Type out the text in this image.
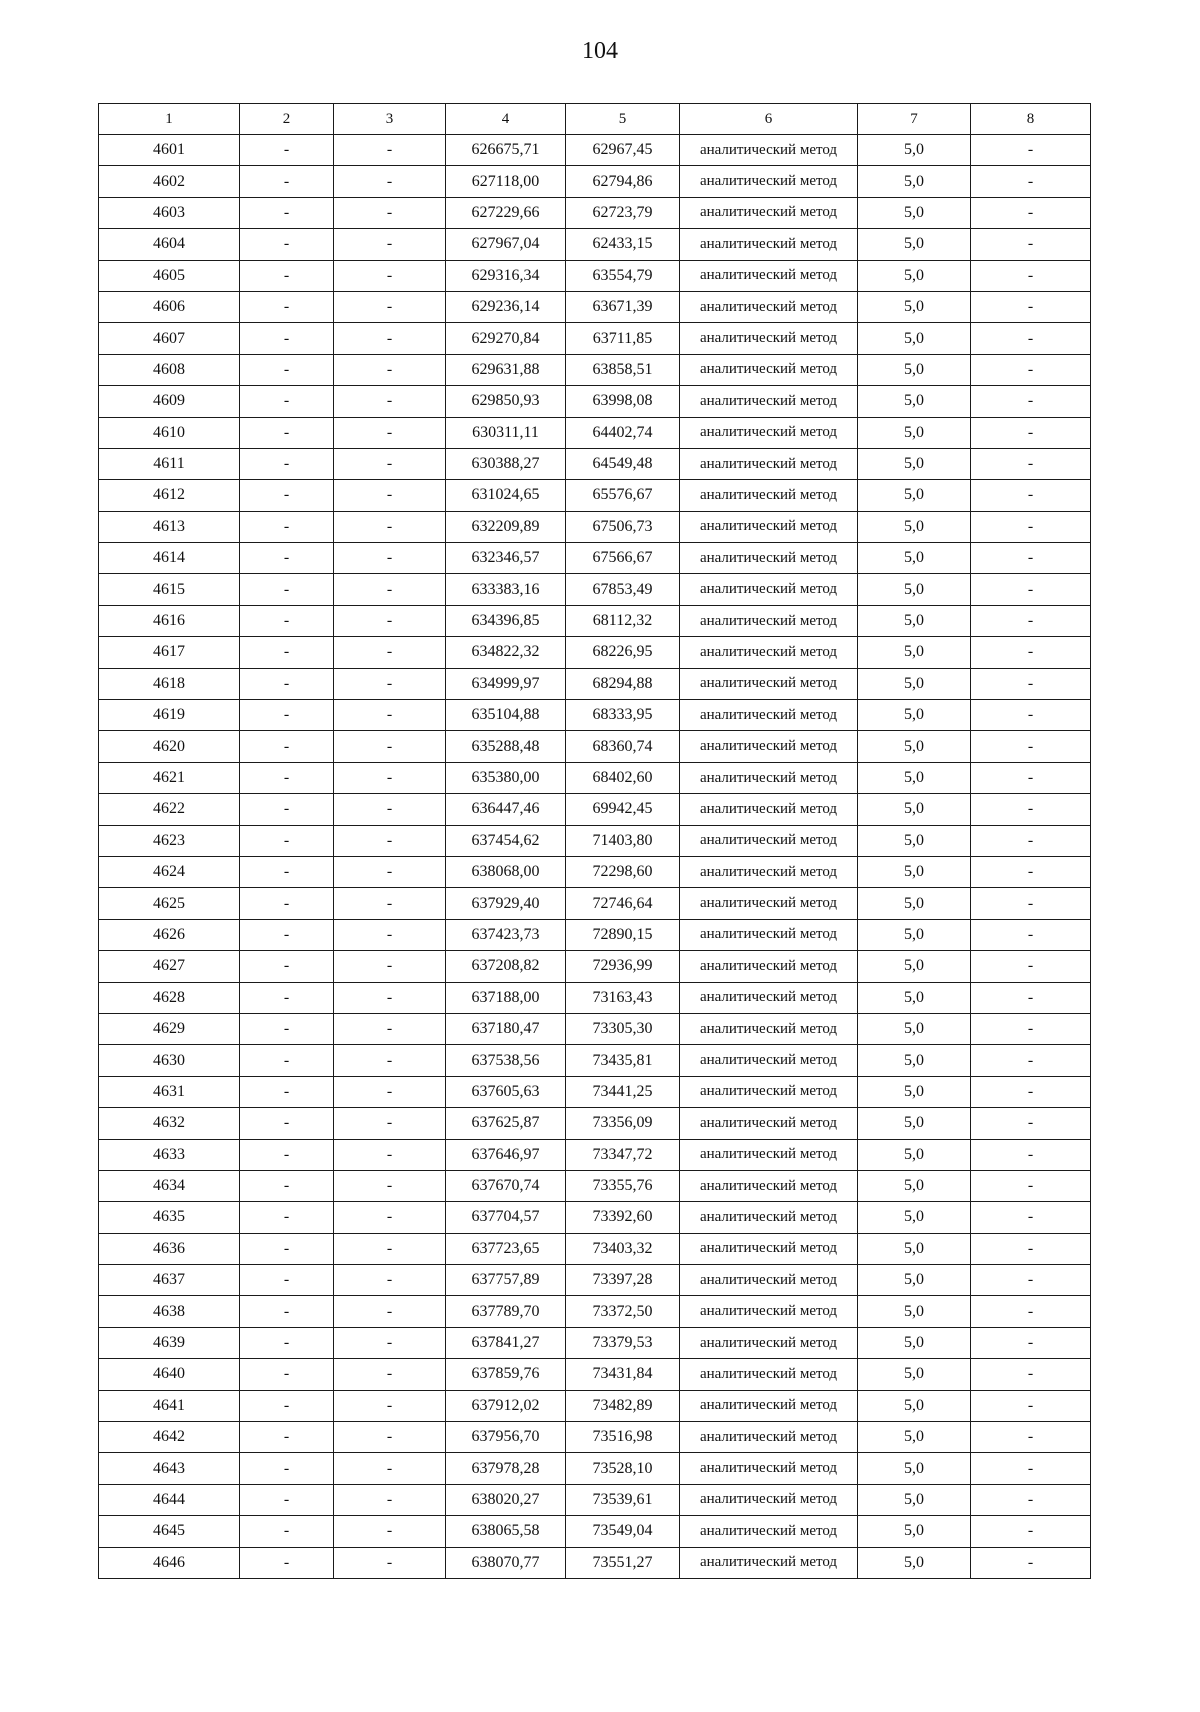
104
1	2	3	4	5	6	7	8
4601	-	-	626675,71	62967,45	аналитический метод	5,0	-
4602	-	-	627118,00	62794,86	аналитический метод	5,0	-
4603	-	-	627229,66	62723,79	аналитический метод	5,0	-
4604	-	-	627967,04	62433,15	аналитический метод	5,0	-
4605	-	-	629316,34	63554,79	аналитический метод	5,0	-
4606	-	-	629236,14	63671,39	аналитический метод	5,0	-
4607	-	-	629270,84	63711,85	аналитический метод	5,0	-
4608	-	-	629631,88	63858,51	аналитический метод	5,0	-
4609	-	-	629850,93	63998,08	аналитический метод	5,0	-
4610	-	-	630311,11	64402,74	аналитический метод	5,0	-
4611	-	-	630388,27	64549,48	аналитический метод	5,0	-
4612	-	-	631024,65	65576,67	аналитический метод	5,0	-
4613	-	-	632209,89	67506,73	аналитический метод	5,0	-
4614	-	-	632346,57	67566,67	аналитический метод	5,0	-
4615	-	-	633383,16	67853,49	аналитический метод	5,0	-
4616	-	-	634396,85	68112,32	аналитический метод	5,0	-
4617	-	-	634822,32	68226,95	аналитический метод	5,0	-
4618	-	-	634999,97	68294,88	аналитический метод	5,0	-
4619	-	-	635104,88	68333,95	аналитический метод	5,0	-
4620	-	-	635288,48	68360,74	аналитический метод	5,0	-
4621	-	-	635380,00	68402,60	аналитический метод	5,0	-
4622	-	-	636447,46	69942,45	аналитический метод	5,0	-
4623	-	-	637454,62	71403,80	аналитический метод	5,0	-
4624	-	-	638068,00	72298,60	аналитический метод	5,0	-
4625	-	-	637929,40	72746,64	аналитический метод	5,0	-
4626	-	-	637423,73	72890,15	аналитический метод	5,0	-
4627	-	-	637208,82	72936,99	аналитический метод	5,0	-
4628	-	-	637188,00	73163,43	аналитический метод	5,0	-
4629	-	-	637180,47	73305,30	аналитический метод	5,0	-
4630	-	-	637538,56	73435,81	аналитический метод	5,0	-
4631	-	-	637605,63	73441,25	аналитический метод	5,0	-
4632	-	-	637625,87	73356,09	аналитический метод	5,0	-
4633	-	-	637646,97	73347,72	аналитический метод	5,0	-
4634	-	-	637670,74	73355,76	аналитический метод	5,0	-
4635	-	-	637704,57	73392,60	аналитический метод	5,0	-
4636	-	-	637723,65	73403,32	аналитический метод	5,0	-
4637	-	-	637757,89	73397,28	аналитический метод	5,0	-
4638	-	-	637789,70	73372,50	аналитический метод	5,0	-
4639	-	-	637841,27	73379,53	аналитический метод	5,0	-
4640	-	-	637859,76	73431,84	аналитический метод	5,0	-
4641	-	-	637912,02	73482,89	аналитический метод	5,0	-
4642	-	-	637956,70	73516,98	аналитический метод	5,0	-
4643	-	-	637978,28	73528,10	аналитический метод	5,0	-
4644	-	-	638020,27	73539,61	аналитический метод	5,0	-
4645	-	-	638065,58	73549,04	аналитический метод	5,0	-
4646	-	-	638070,77	73551,27	аналитический метод	5,0	-
